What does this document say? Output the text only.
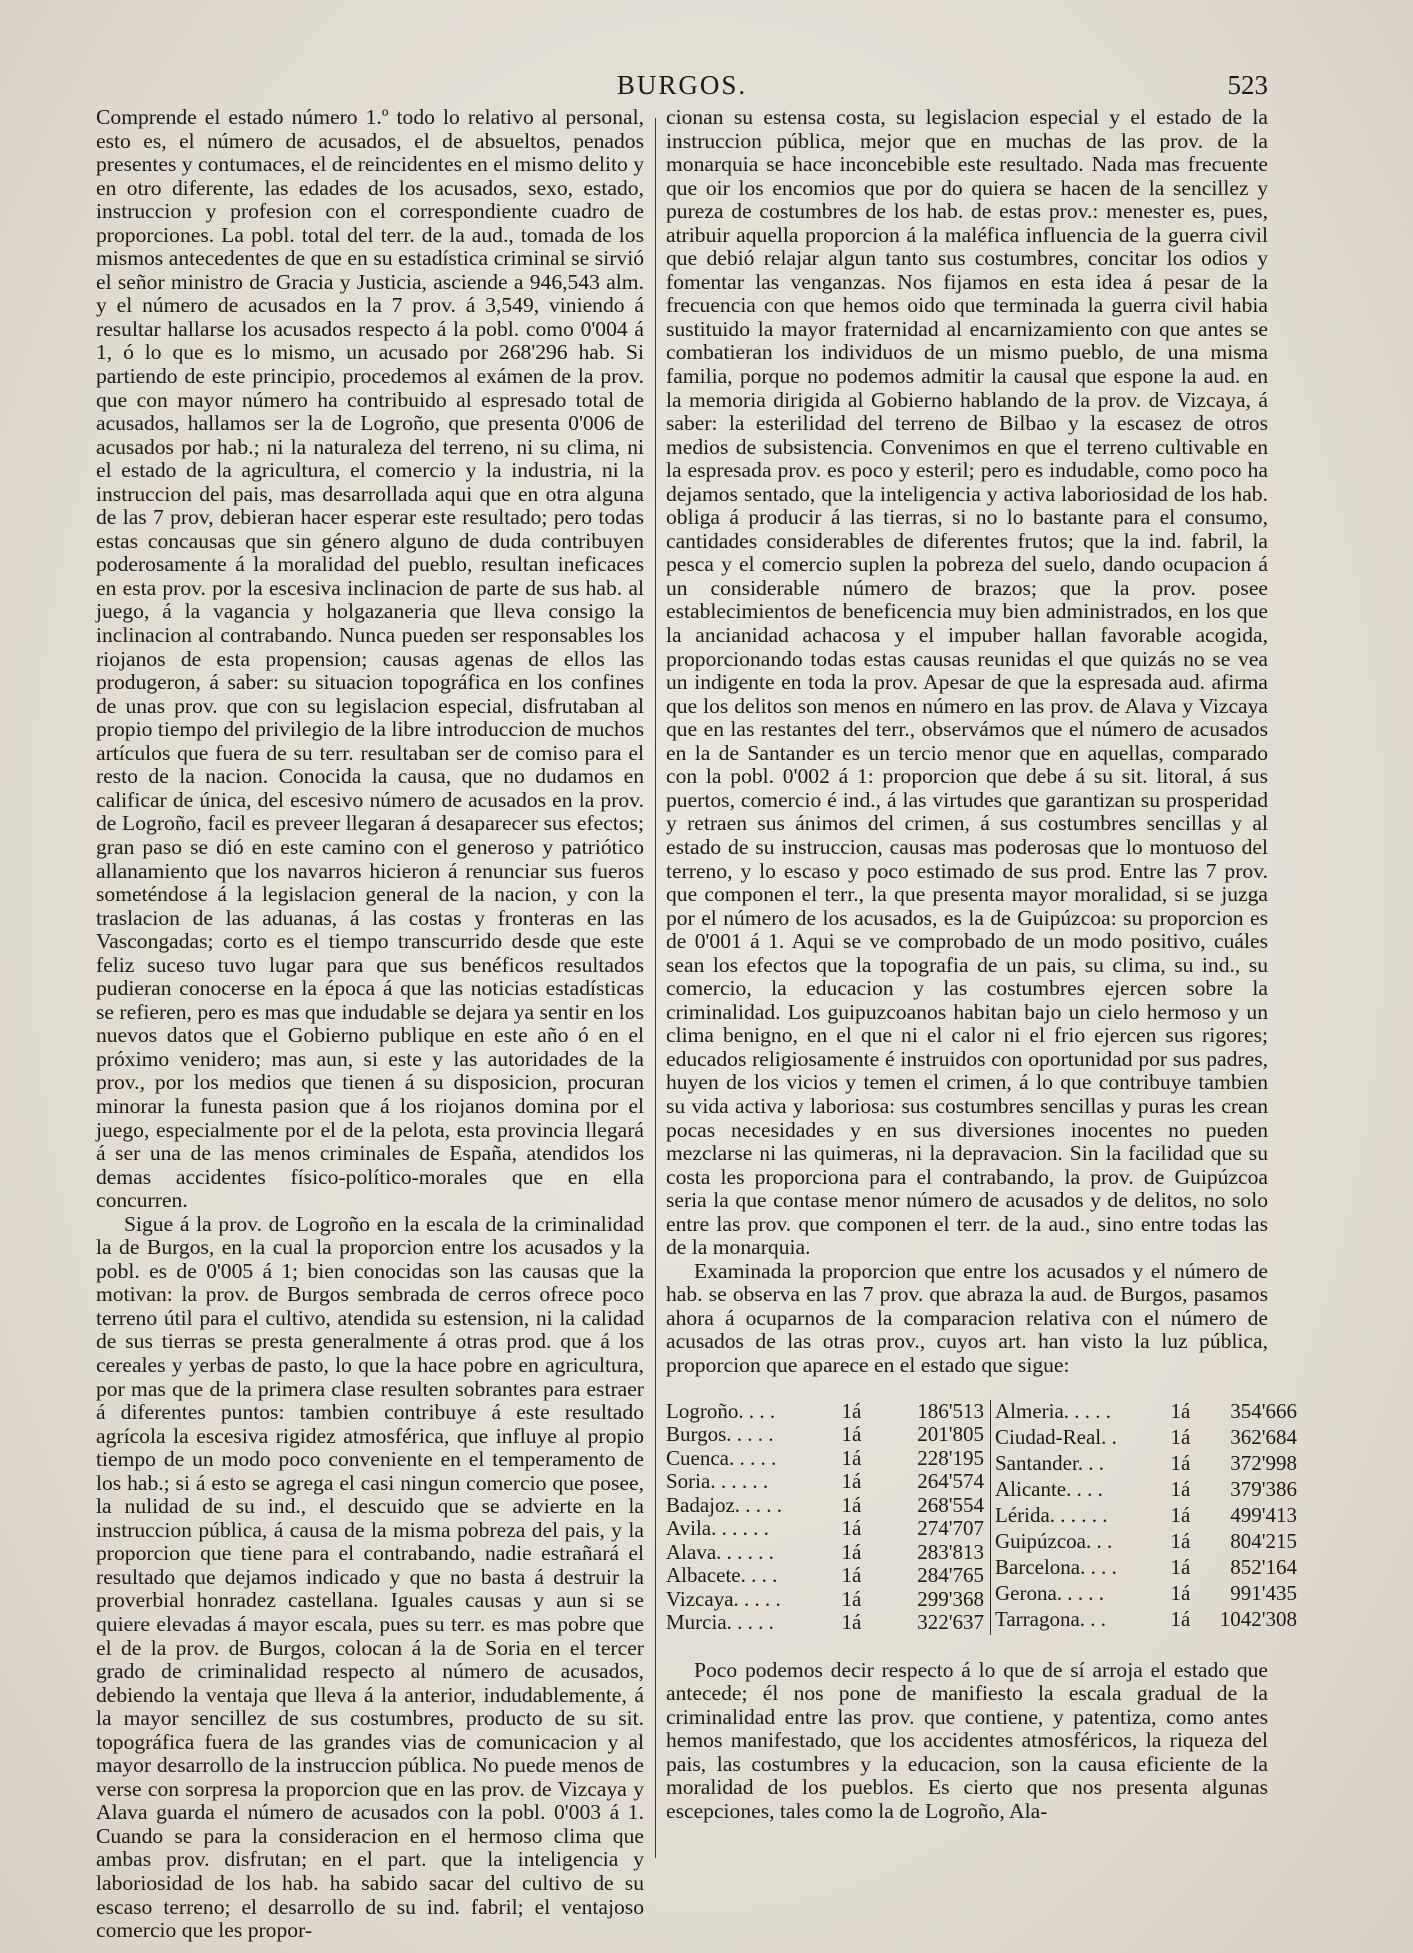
BURGOS.	523

Comprende el estado número 1.º todo lo relativo al personal, esto es, el número de acusados, el de absueltos, penados presentes y contumaces, el de reincidentes en el mismo delito y en otro diferente, las edades de los acusados, sexo, estado, instruccion y profesion con el correspondiente cuadro de proporciones. La pobl. total del terr. de la aud., tomada de los mismos antecedentes de que en su estadística criminal se sirvió el señor ministro de Gracia y Justicia, asciende a 946,543 alm. y el número de acusados en la 7 prov. á 3,549, viniendo á resultar hallarse los acusados respecto á la pobl. como 0'004 á 1, ó lo que es lo mismo, un acusado por 268'296 hab. Si partiendo de este principio, procedemos al exámen de la prov. que con mayor número ha contribuido al espresado total de acusados, hallamos ser la de Logroño, que presenta 0'006 de acusados por hab.; ni la naturaleza del terreno, ni su clima, ni el estado de la agricultura, el comercio y la industria, ni la instruccion del pais, mas desarrollada aqui que en otra alguna de las 7 prov, debieran hacer esperar este resultado; pero todas estas concausas que sin género alguno de duda contribuyen poderosamente á la moralidad del pueblo, resultan ineficaces en esta prov. por la escesiva inclinacion de parte de sus hab. al juego, á la vagancia y holgazaneria que lleva consigo la inclinacion al contrabando. Nunca pueden ser responsables los riojanos de esta propension; causas agenas de ellos las produgeron, á saber: su situacion topográfica en los confines de unas prov. que con su legislacion especial, disfrutaban al propio tiempo del privilegio de la libre introduccion de muchos artículos que fuera de su terr. resultaban ser de comiso para el resto de la nacion. Conocida la causa, que no dudamos en calificar de única, del escesivo número de acusados en la prov. de Logroño, facil es preveer llegaran á desaparecer sus efectos; gran paso se dió en este camino con el generoso y patriótico allanamiento que los navarros hicieron á renunciar sus fueros someténdose á la legislacion general de la nacion, y con la traslacion de las aduanas, á las costas y fronteras en las Vascongadas; corto es el tiempo transcurrido desde que este feliz suceso tuvo lugar para que sus benéficos resultados pudieran conocerse en la época á que las noticias estadísticas se refieren, pero es mas que indudable se dejara ya sentir en los nuevos datos que el Gobierno publique en este año ó en el próximo venidero; mas aun, si este y las autoridades de la prov., por los medios que tienen á su disposicion, procuran minorar la funesta pasion que á los riojanos domina por el juego, especialmente por el de la pelota, esta provincia llegará á ser una de las menos criminales de España, atendidos los demas accidentes físico-político-morales que en ella concurren.

Sigue á la prov. de Logroño en la escala de la criminalidad la de Burgos, en la cual la proporcion entre los acusados y la pobl. es de 0'005 á 1; bien conocidas son las causas que la motivan: la prov. de Burgos sembrada de cerros ofrece poco terreno útil para el cultivo, atendida su estension, ni la calidad de sus tierras se presta generalmente á otras prod. que á los cereales y yerbas de pasto, lo que la hace pobre en agricultura, por mas que de la primera clase resulten sobrantes para estraer á diferentes puntos: tambien contribuye á este resultado agrícola la escesiva rigidez atmosférica, que influye al propio tiempo de un modo poco conveniente en el temperamento de los hab.; si á esto se agrega el casi ningun comercio que posee, la nulidad de su ind., el descuido que se advierte en la instruccion pública, á causa de la misma pobreza del pais, y la proporcion que tiene para el contrabando, nadie estrañará el resultado que dejamos indicado y que no basta á destruir la proverbial honradez castellana. Iguales causas y aun si se quiere elevadas á mayor escala, pues su terr. es mas pobre que el de la prov. de Burgos, colocan á la de Soria en el tercer grado de criminalidad respecto al número de acusados, debiendo la ventaja que lleva á la anterior, indudablemente, á la mayor sencillez de sus costumbres, producto de su sit. topográfica fuera de las grandes vias de comunicacion y al mayor desarrollo de la instruccion pública. No puede menos de verse con sorpresa la proporcion que en las prov. de Vizcaya y Alava guarda el número de acusados con la pobl. 0'003 á 1. Cuando se para la consideracion en el hermoso clima que ambas prov. disfrutan; en el part. que la inteligencia y laboriosidad de los hab. ha sabido sacar del cultivo de su escaso terreno; el desarrollo de su ind. fabril; el ventajoso comercio que les propor-

cionan su estensa costa, su legislacion especial y el estado de la instruccion pública, mejor que en muchas de las prov. de la monarquia se hace inconcebible este resultado. Nada mas frecuente que oir los encomios que por do quiera se hacen de la sencillez y pureza de costumbres de los hab. de estas prov.: menester es, pues, atribuir aquella proporcion á la maléfica influencia de la guerra civil que debió relajar algun tanto sus costumbres, concitar los odios y fomentar las venganzas. Nos fijamos en esta idea á pesar de la frecuencia con que hemos oido que terminada la guerra civil habia sustituido la mayor fraternidad al encarnizamiento con que antes se combatieran los individuos de un mismo pueblo, de una misma familia, porque no podemos admitir la causal que espone la aud. en la memoria dirigida al Gobierno hablando de la prov. de Vizcaya, á saber: la esterilidad del terreno de Bilbao y la escasez de otros medios de subsistencia. Convenimos en que el terreno cultivable en la espresada prov. es poco y esteril; pero es indudable, como poco ha dejamos sentado, que la inteligencia y activa laboriosidad de los hab. obliga á producir á las tierras, si no lo bastante para el consumo, cantidades considerables de diferentes frutos; que la ind. fabril, la pesca y el comercio suplen la pobreza del suelo, dando ocupacion á un considerable número de brazos; que la prov. posee establecimientos de beneficencia muy bien administrados, en los que la ancianidad achacosa y el impuber hallan favorable acogida, proporcionando todas estas causas reunidas el que quizás no se vea un indigente en toda la prov. Apesar de que la espresada aud. afirma que los delitos son menos en número en las prov. de Alava y Vizcaya que en las restantes del terr., observámos que el número de acusados en la de Santander es un tercio menor que en aquellas, comparado con la pobl. 0'002 á 1: proporcion que debe á su sit. litoral, á sus puertos, comercio é ind., á las virtudes que garantizan su prosperidad y retraen sus ánimos del crimen, á sus costumbres sencillas y al estado de su instruccion, causas mas poderosas que lo montuoso del terreno, y lo escaso y poco estimado de sus prod. Entre las 7 prov. que componen el terr., la que presenta mayor moralidad, si se juzga por el número de los acusados, es la de Guipúzcoa: su proporcion es de 0'001 á 1. Aqui se ve comprobado de un modo positivo, cuáles sean los efectos que la topografia de un pais, su clima, su ind., su comercio, la educacion y las costumbres ejercen sobre la criminalidad. Los guipuzcoanos habitan bajo un cielo hermoso y un clima benigno, en el que ni el calor ni el frio ejercen sus rigores; educados religiosamente é instruidos con oportunidad por sus padres, huyen de los vicios y temen el crimen, á lo que contribuye tambien su vida activa y laboriosa: sus costumbres sencillas y puras les crean pocas necesidades y en sus diversiones inocentes no pueden mezclarse ni las quimeras, ni la depravacion. Sin la facilidad que su costa les proporciona para el contrabando, la prov. de Guipúzcoa seria la que contase menor número de acusados y de delitos, no solo entre las prov. que componen el terr. de la aud., sino entre todas las de la monarquia.

Examinada la proporcion que entre los acusados y el número de hab. se observa en las 7 prov. que abraza la aud. de Burgos, pasamos ahora á ocuparnos de la comparacion relativa con el número de acusados de las otras prov., cuyos art. han visto la luz pública, proporcion que aparece en el estado que sigue:

Logroño. . . .	1 á	186'513
Burgos. . . . .	1 á	201'805
Cuenca. . . . .	1 á	228'195
Soria. . . . . .	1 á	264'574
Badajoz. . . . .	1 á	268'554
Avila. . . . . .	1 á	274'707
Alava. . . . . .	1 á	283'813
Albacete. . . .	1 á	284'765
Vizcaya. . . . .	1 á	299'368
Murcia. . . . .	1 á	322'637
Almeria. . . . .	1 á	354'666
Ciudad-Real. .	1 á	362'684
Santander. . .	1 á	372'998
Alicante. . . .	1 á	379'386
Lérida. . . . . .	1 á	499'413
Guipúzcoa. . .	1 á	804'215
Barcelona. . . .	1 á	852'164
Gerona. . . . .	1 á	991'435
Tarragona. . .	1 á	1042'308

Poco podemos decir respecto á lo que de sí arroja el estado que antecede; él nos pone de manifiesto la escala gradual de la criminalidad entre las prov. que contiene, y patentiza, como antes hemos manifestado, que los accidentes atmosféricos, la riqueza del pais, las costumbres y la educacion, son la causa eficiente de la moralidad de los pueblos. Es cierto que nos presenta algunas escepciones, tales como la de Logroño, Ala-
